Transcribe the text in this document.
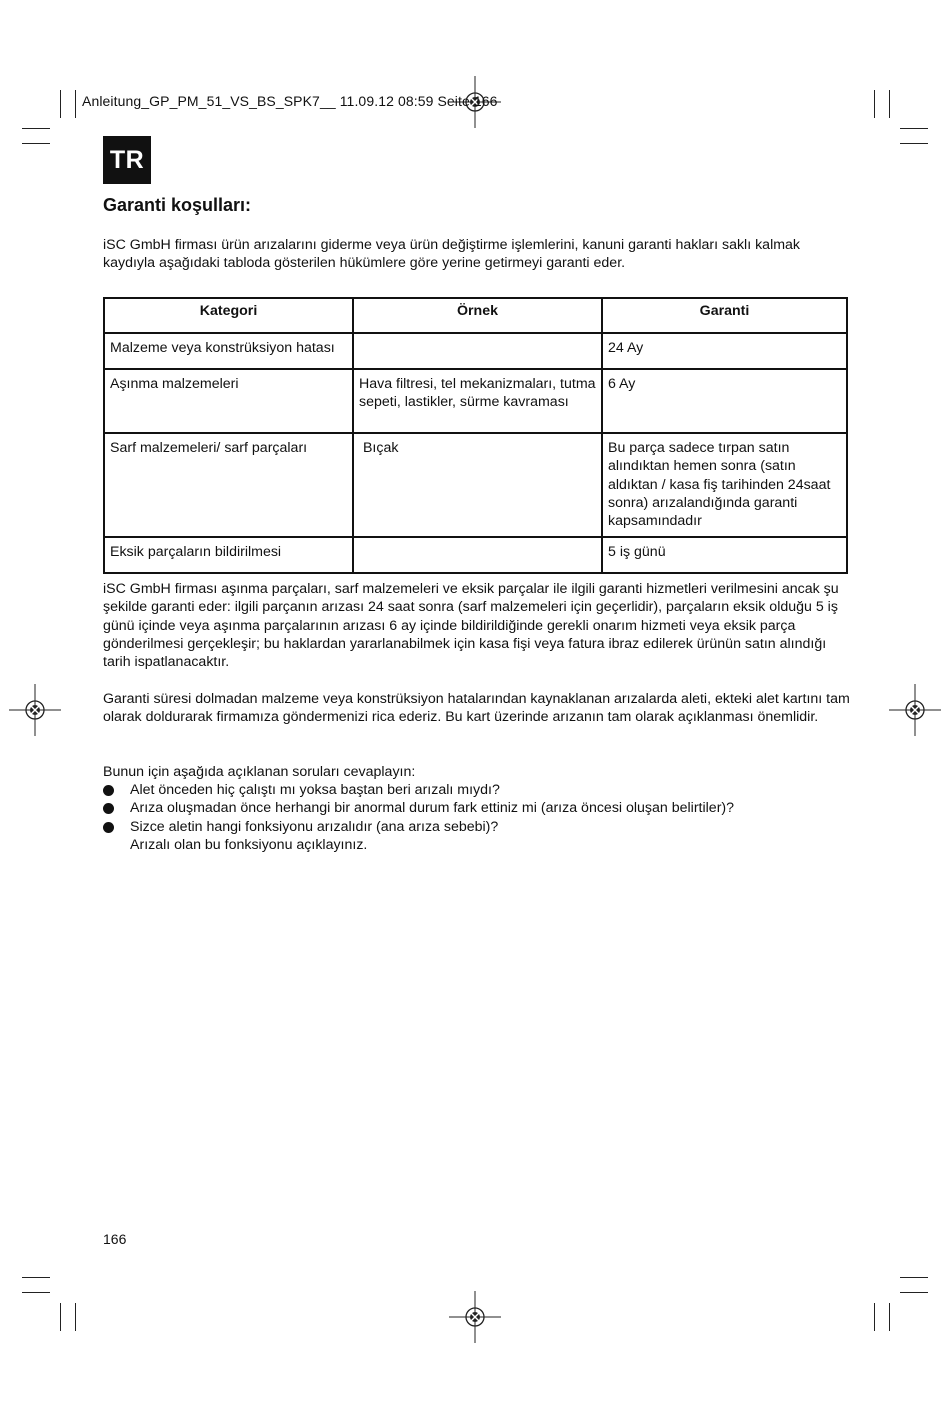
Anleitung_GP_PM_51_VS_BS_SPK7__ 11.09.12 08:59 Seite 166
TR
Garanti koşulları:

iSC GmbH firması ürün arızalarını giderme veya ürün değiştirme işlemlerini, kanuni garanti hakları saklı kalmak kaydıyla aşağıdaki tabloda gösterilen hükümlere göre yerine getirmeyi garanti eder.

Kategori	Örnek	Garanti
Malzeme veya konstrüksiyon hatası		24 Ay
Aşınma malzemeleri	Hava filtresi, tel mekanizmaları, tutma sepeti, lastikler, sürme kavraması	6 Ay
Sarf malzemeleri/ sarf parçaları	Bıçak	Bu parça sadece tırpan satın alındıktan hemen sonra (satın aldıktan / kasa fiş tarihinden 24saat sonra) arızalandığında garanti kapsamındadır
Eksik parçaların bildirilmesi		5 iş günü

iSC GmbH firması aşınma parçaları, sarf malzemeleri ve eksik parçalar ile ilgili garanti hizmetleri verilmesini ancak şu şekilde garanti eder: ilgili parçanın arızası 24 saat sonra (sarf malzemeleri için geçerlidir), parçaların eksik olduğu 5 iş günü içinde veya aşınma parçalarının arızası 6 ay içinde bildirildiğinde gerekli onarım hizmeti veya eksik parça gönderilmesi gerçekleşir; bu haklardan yararlanabilmek için kasa fişi veya fatura ibraz edilerek ürünün satın alındığı tarih ispatlanacaktır.

Garanti süresi dolmadan malzeme veya konstrüksiyon hatalarından kaynaklanan arızalarda aleti, ekteki alet kartını tam olarak doldurarak firmamıza göndermenizi rica ederiz. Bu kart üzerinde arızanın tam olarak açıklanması önemlidir.

Bunun için aşağıda açıklanan soruları cevaplayın:

Alet önceden hiç çalıştı mı yoksa baştan beri arızalı mıydı?
Arıza oluşmadan önce herhangi bir anormal durum fark ettiniz mi (arıza öncesi oluşan belirtiler)?
Sizce aletin hangi fonksiyonu arızalıdır (ana arıza sebebi)?
Arızalı olan bu fonksiyonu açıklayınız.
166
